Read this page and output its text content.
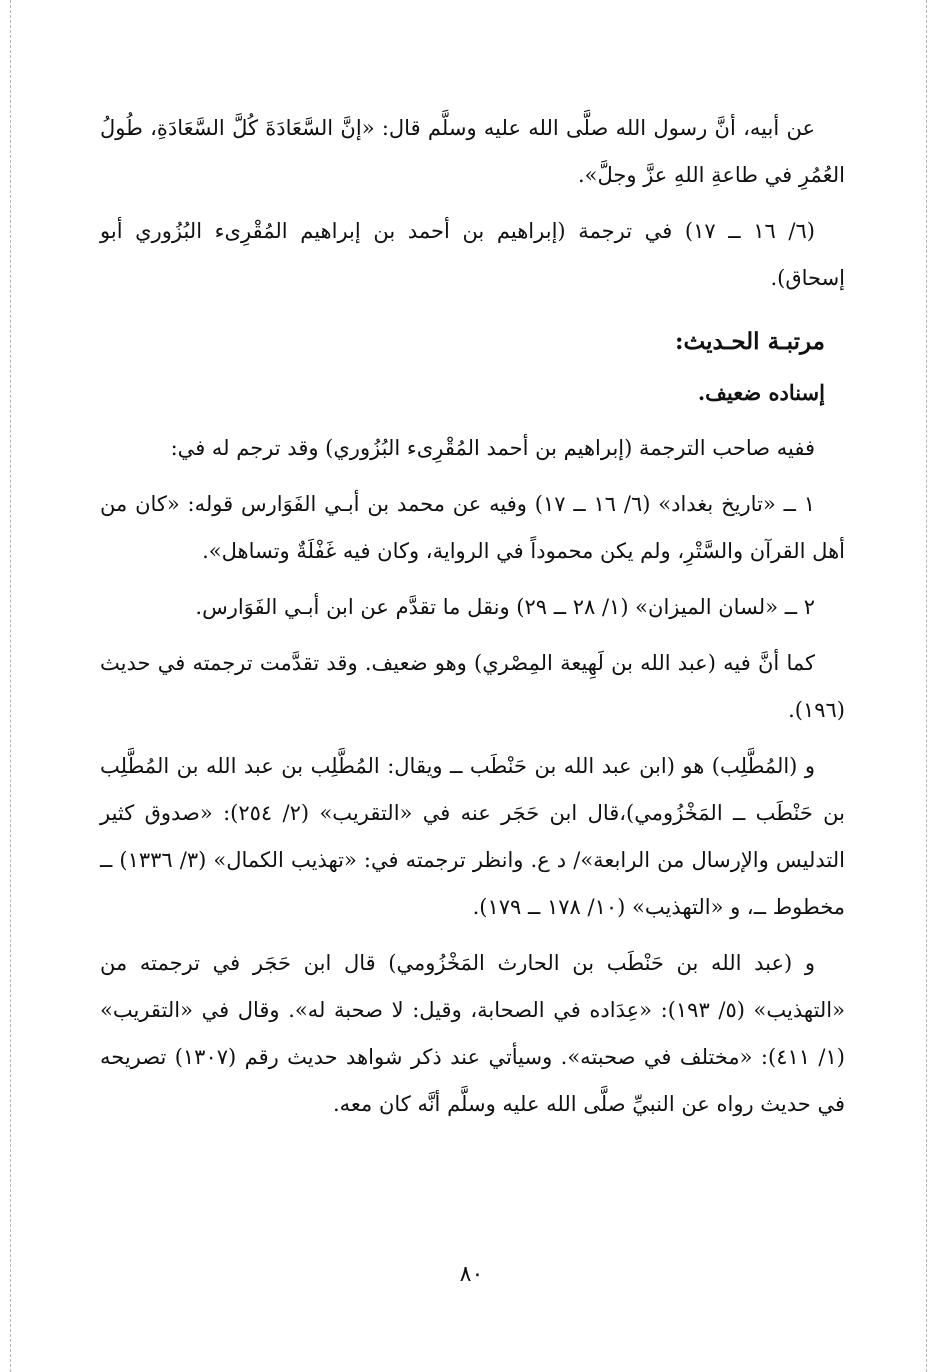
عن أبيه، أنَّ رسول الله صلَّى الله عليه وسلَّم قال: «إنَّ السَّعَادَةَ كُلَّ السَّعَادَةِ، طُولُ العُمُرِ في طاعةِ اللهِ عزَّ وجلَّ».

(٦/ ١٦ ــ ١٧) في ترجمة (إبراهيم بن أحمد بن إبراهيم المُقْرِىء البُزُوري أبو إسحاق).

مرتبـة الحـديث:

إسناده ضعيف.

ففيه صاحب الترجمة (إبراهيم بن أحمد المُقْرِىء البُزُوري) وقد ترجم له في:

١ ــ «تاريخ بغداد» (٦/ ١٦ ــ ١٧) وفيه عن محمد بن أبـي الفَوَارس قوله: «كان من أهل القرآن والسَّتْرِ، ولم يكن محموداً في الرواية، وكان فيه غَفْلَةٌ وتساهل».

٢ ــ «لسان الميزان» (١/ ٢٨ ــ ٢٩) ونقل ما تقدَّم عن ابن أبـي الفَوَارس.

كما أنَّ فيه (عبد الله بن لَهِيعة المِصْري) وهو ضعيف. وقد تقدَّمت ترجمته في حديث (١٩٦).

و (المُطَّلِب) هو (ابن عبد الله بن حَنْطَب ــ ويقال: المُطَّلِب بن عبد الله بن المُطَّلِب بن حَنْطَب ــ المَخْزُومي)،قال ابن حَجَر عنه في «التقريب» (٢/ ٢٥٤): «صدوق كثير التدليس والإرسال من الرابعة»/ د ع. وانظر ترجمته في: «تهذيب الكمال» (٣/ ١٣٣٦) ــ مخطوط ــ، و «التهذيب» (١٠/ ١٧٨ ــ ١٧٩).

و (عبد الله بن حَنْطَب بن الحارث المَخْزُومي) قال ابن حَجَر في ترجمته من «التهذيب» (٥/ ١٩٣): «عِدَاده في الصحابة، وقيل: لا صحبة له». وقال في «التقريب» (١/ ٤١١): «مختلف في صحبته». وسيأتي عند ذكر شواهد حديث رقم (١٣٠٧) تصريحه في حديث رواه عن النبيِّ صلَّى الله عليه وسلَّم أنَّه كان معه.

٨٠
